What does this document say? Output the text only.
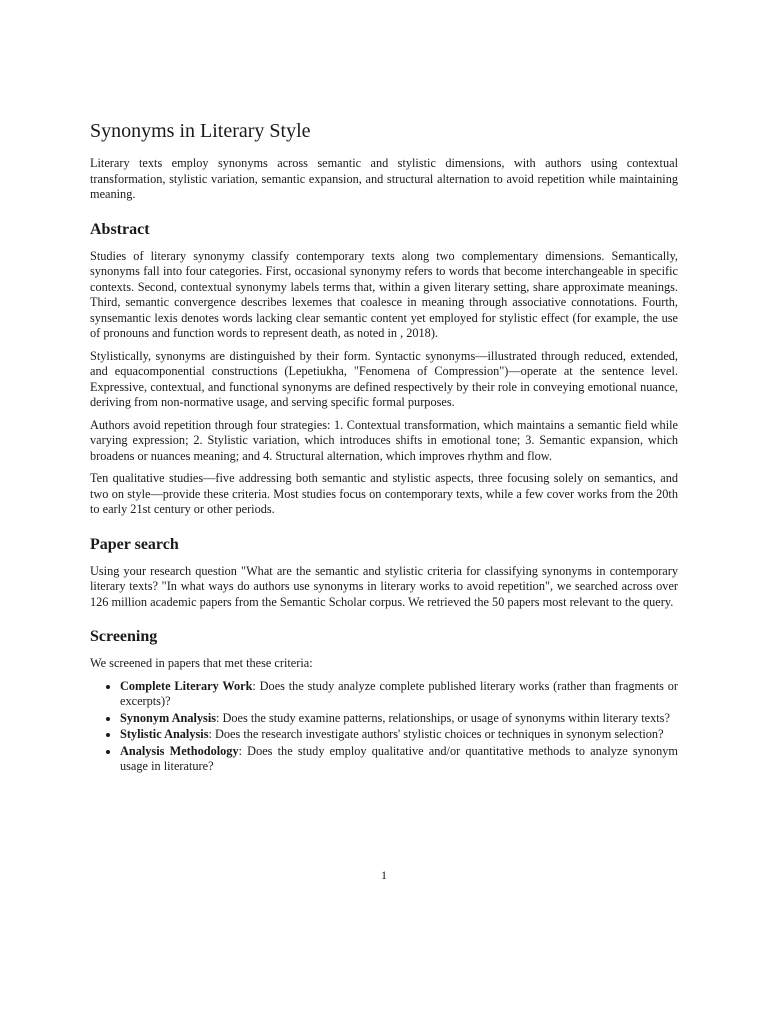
Synonyms in Literary Style

Literary texts employ synonyms across semantic and stylistic dimensions, with authors using contextual transformation, stylistic variation, semantic expansion, and structural alternation to avoid repetition while maintaining meaning.

Abstract

Studies of literary synonymy classify contemporary texts along two complementary dimensions. Semantically, synonyms fall into four categories. First, occasional synonymy refers to words that become interchangeable in specific contexts. Second, contextual synonymy labels terms that, within a given literary setting, share approximate meanings. Third, semantic convergence describes lexemes that coalesce in meaning through associative connotations. Fourth, synsemantic lexis denotes words lacking clear semantic content yet employed for stylistic effect (for example, the use of pronouns and function words to represent death, as noted in , 2018).

Stylistically, synonyms are distinguished by their form. Syntactic synonyms—illustrated through reduced, extended, and equacomponential constructions (Lepetiukha, "Fenomena of Compression")—operate at the sentence level. Expressive, contextual, and functional synonyms are defined respectively by their role in conveying emotional nuance, deriving from non-normative usage, and serving specific formal purposes.

Authors avoid repetition through four strategies: 1. Contextual transformation, which maintains a semantic field while varying expression; 2. Stylistic variation, which introduces shifts in emotional tone; 3. Semantic expansion, which broadens or nuances meaning; and 4. Structural alternation, which improves rhythm and flow.

Ten qualitative studies—five addressing both semantic and stylistic aspects, three focusing solely on semantics, and two on style—provide these criteria. Most studies focus on contemporary texts, while a few cover works from the 20th to early 21st century or other periods.

Paper search

Using your research question "What are the semantic and stylistic criteria for classifying synonyms in contemporary literary texts? "In what ways do authors use synonyms in literary works to avoid repetition", we searched across over 126 million academic papers from the Semantic Scholar corpus. We retrieved the 50 papers most relevant to the query.

Screening

We screened in papers that met these criteria:

• Complete Literary Work: Does the study analyze complete published literary works (rather than fragments or excerpts)?
• Synonym Analysis: Does the study examine patterns, relationships, or usage of synonyms within literary texts?
• Stylistic Analysis: Does the research investigate authors' stylistic choices or techniques in synonym selection?
• Analysis Methodology: Does the study employ qualitative and/or quantitative methods to analyze synonym usage in literature?
1
